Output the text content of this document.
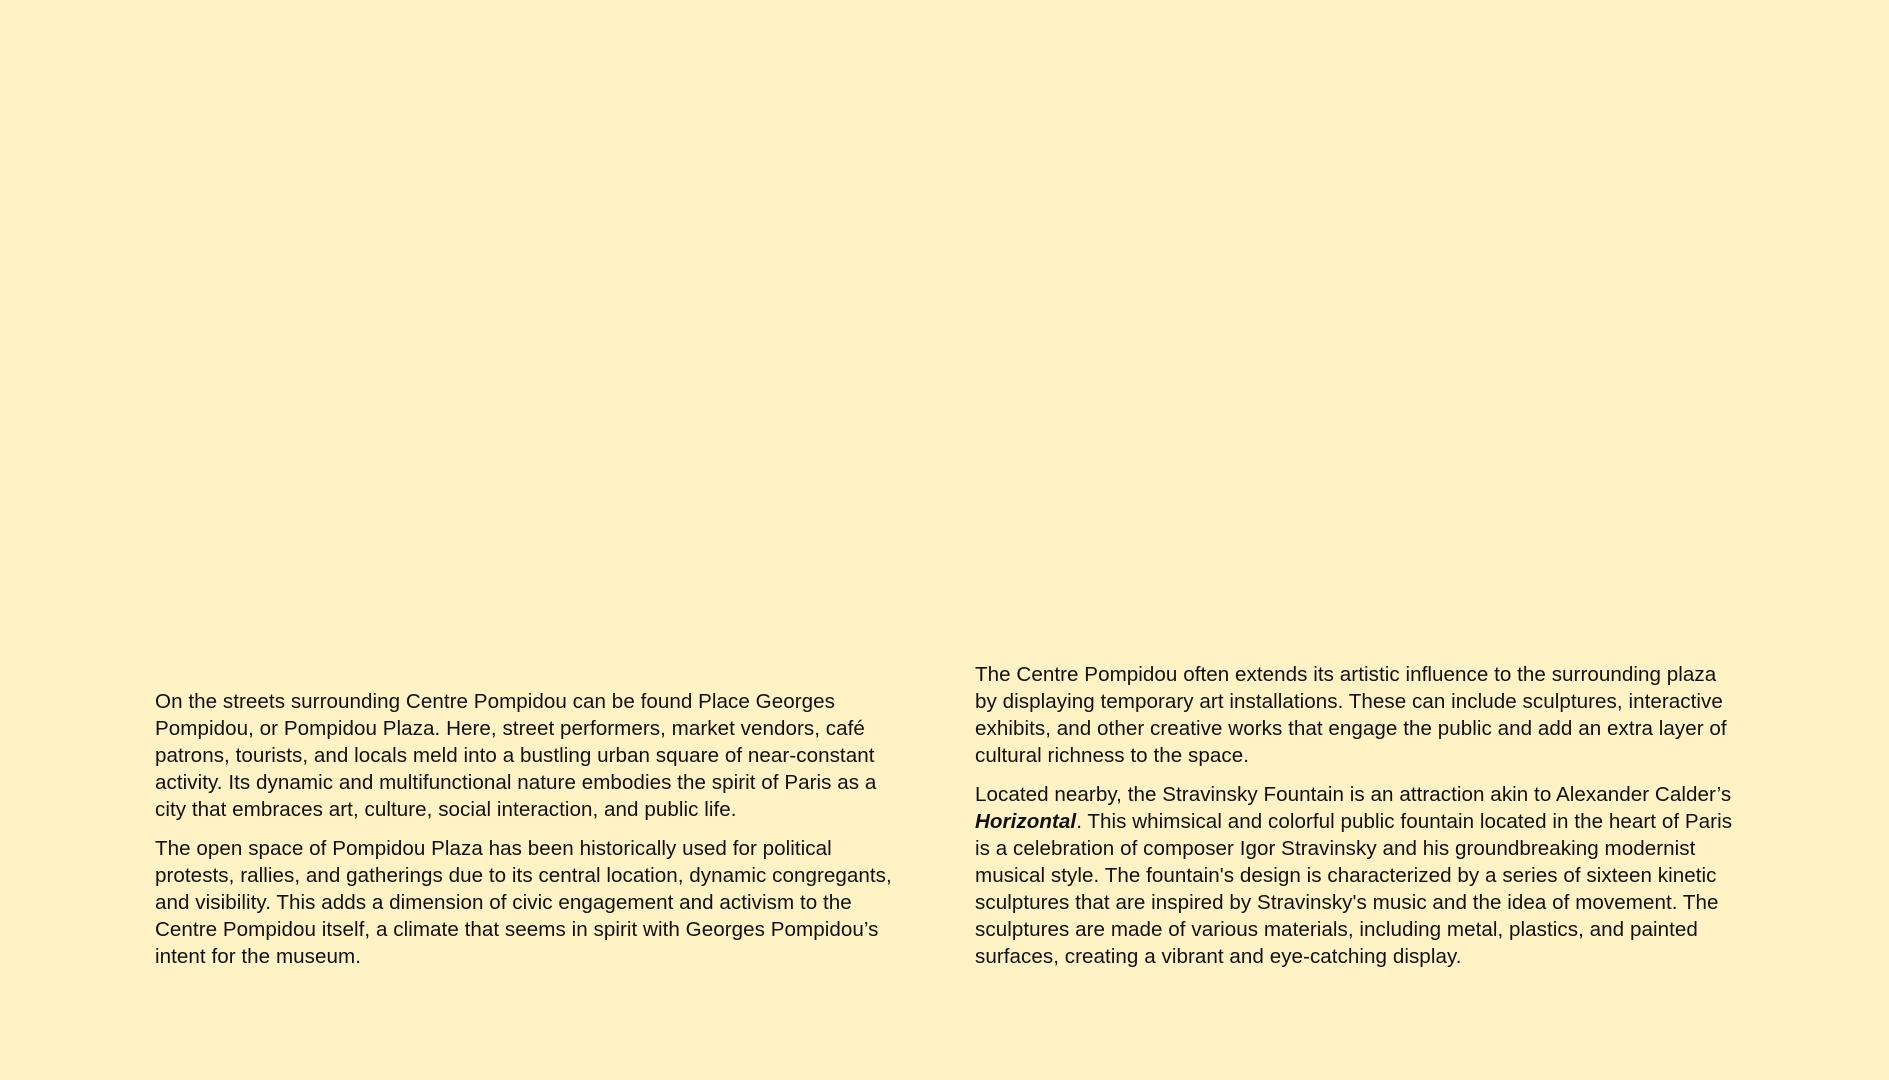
On the streets surrounding Centre Pompidou can be found Place Georges Pompidou, or Pompidou Plaza. Here, street performers, market vendors, café patrons, tourists, and locals meld into a bustling urban square of near-constant activity. Its dynamic and multifunctional nature embodies the spirit of Paris as a city that embraces art, culture, social interaction, and public life.

The open space of Pompidou Plaza has been historically used for political protests, rallies, and gatherings due to its central location, dynamic congregants, and visibility. This adds a dimension of civic engagement and activism to the Centre Pompidou itself, a climate that seems in spirit with Georges Pompidou’s intent for the museum.

The Centre Pompidou often extends its artistic influence to the surrounding plaza by displaying temporary art installations. These can include sculptures, interactive exhibits, and other creative works that engage the public and add an extra layer of cultural richness to the space.

Located nearby, the Stravinsky Fountain is an attraction akin to Alexander Calder’s Horizontal. This whimsical and colorful public fountain located in the heart of Paris is a celebration of composer Igor Stravinsky and his groundbreaking modernist musical style. The fountain's design is characterized by a series of sixteen kinetic sculptures that are inspired by Stravinsky's music and the idea of movement. The sculptures are made of various materials, including metal, plastics, and painted surfaces, creating a vibrant and eye-catching display.
